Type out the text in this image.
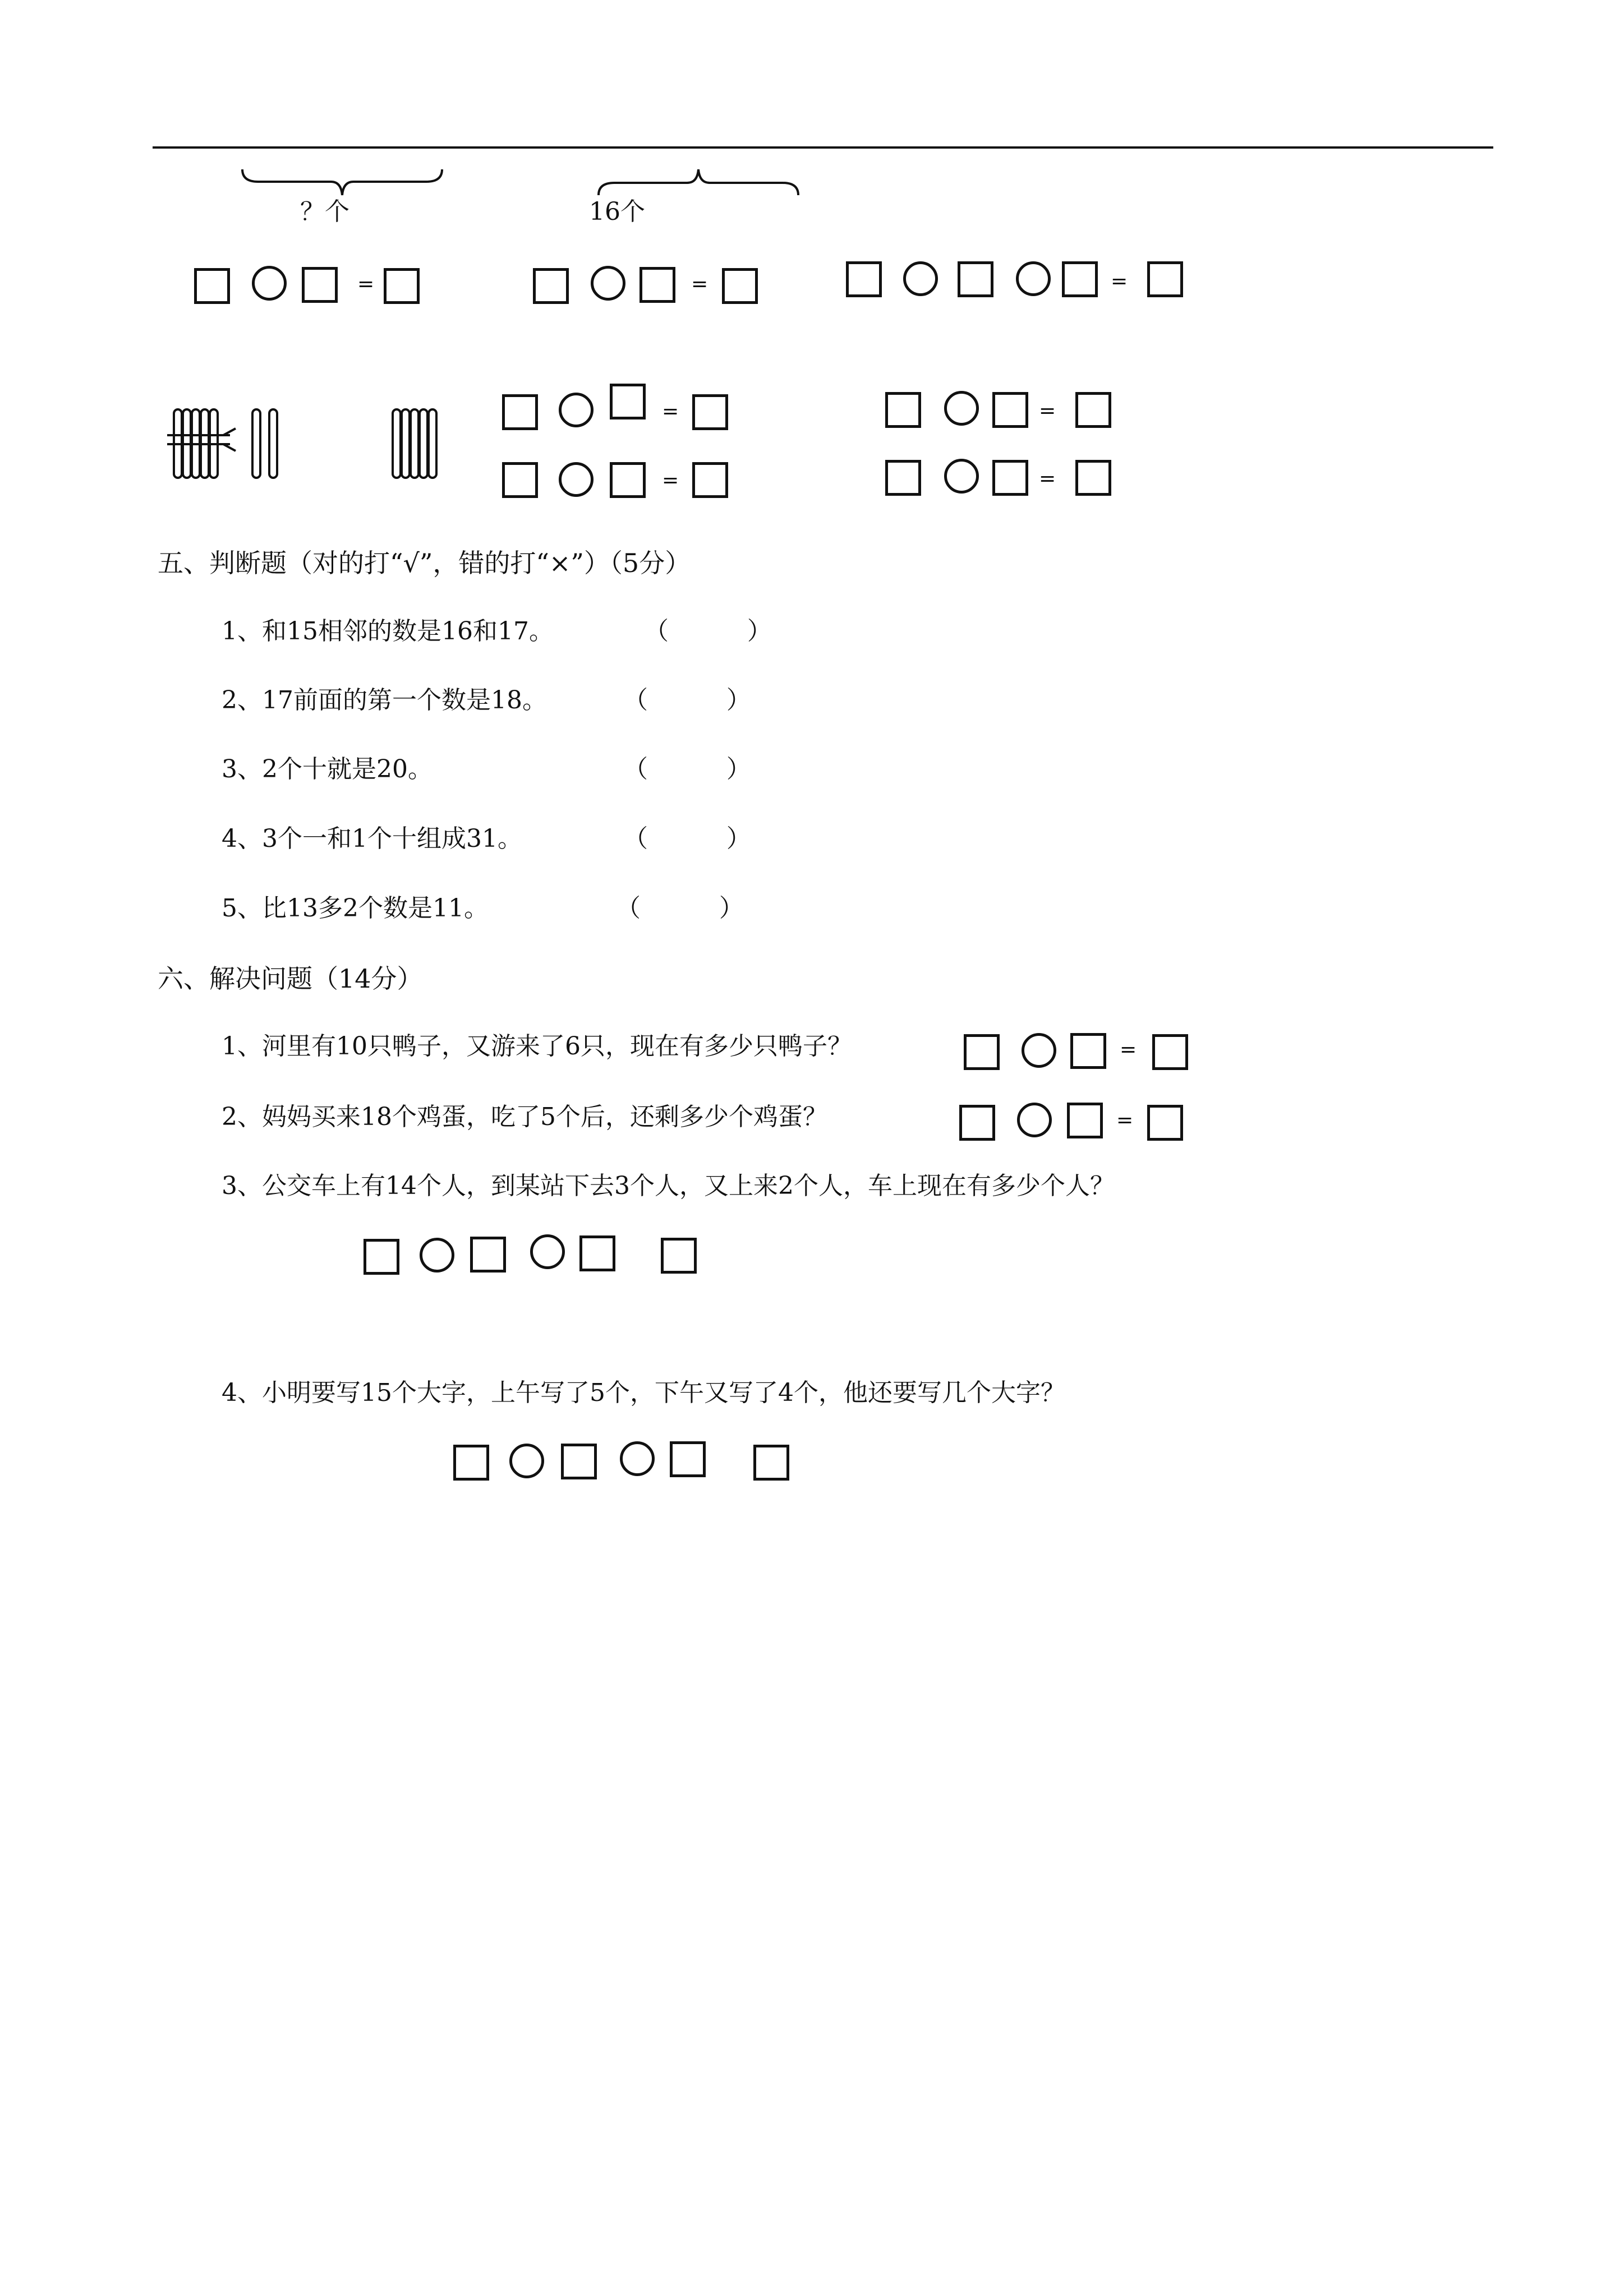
？个	16个
=	=	=
=
=
=
=
五、判断题（对的打“√”，错的打“×”）（5分）
1、和15相邻的数是16和17。	（          ）
2、17前面的第一个数是18。	（          ）
3、2个十就是20。	（          ）
4、3个一和1个十组成31。	（          ）
5、比13多2个数是11。	（          ）
六、解决问题（14分）
1、河里有10只鸭子，又游来了6只，现在有多少只鸭子？	=
2、妈妈买来18个鸡蛋，吃了5个后，还剩多少个鸡蛋？	=
3、公交车上有14个人，到某站下去3个人，又上来2个人，车上现在有多少个人？
4、小明要写15个大字，上午写了5个，下午又写了4个，他还要写几个大字？
